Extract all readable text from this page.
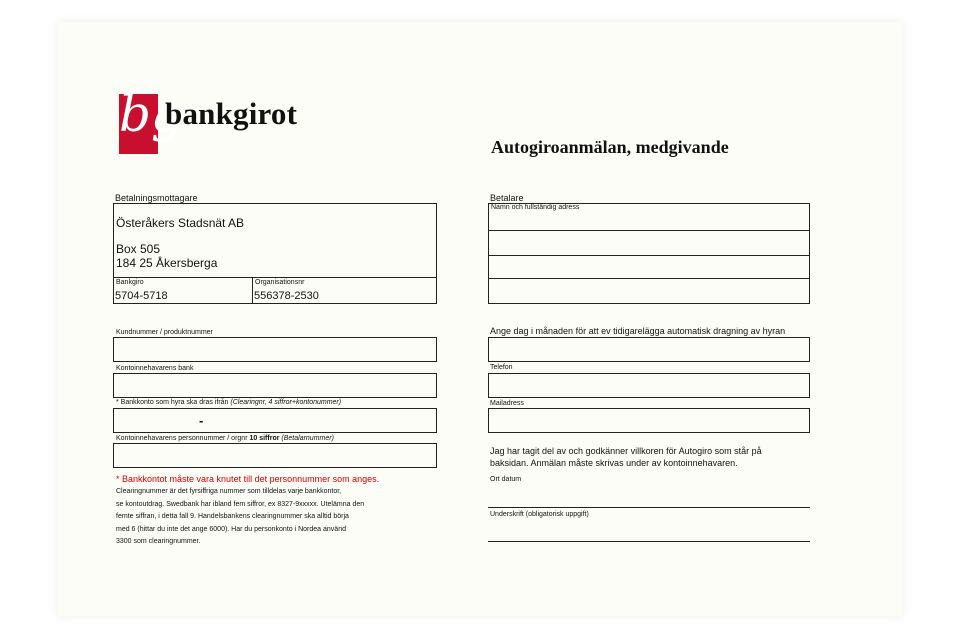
bg
bankgirot
Autogiroanmälan, medgivande
Betalningsmottagare
Österåkers Stadsnät AB
Box 505
184 25 Åkersberga
Bankgiro
5704-5718
Organisationsnr
556378-2530
Betalare
Namn och fullständig adress
Kundnummer / produktnummer
Kontoinnehavarens bank
* Bankkonto som hyra ska dras ifrån (Clearingnr, 4 siffror+kontonummer)
-
Kontoinnehavarens personnummer / orgnr 10 siffror (Betalarnummer)
* Bankkontot måste vara knutet till det personnummer som anges.
Clearingnummer är det fyrsiffriga nummer som tilldelas varje bankkontor,
se kontoutdrag. Swedbank har ibland fem siffror, ex 8327-9xxxxx. Utelämna den
femte siffran, i detta fall 9. Handelsbankens clearingnummer ska alltid börja
med 6 (hittar du inte det ange 6000). Har du personkonto i Nordea använd
3300 som clearingnummer.
Ange dag i månaden för att ev tidigarelägga automatisk dragning av hyran
Telefon
Mailadress
Jag har tagit del av och godkänner villkoren för Autogiro som står på baksidan. Anmälan måste skrivas under av kontoinnehavaren.
Ort datum
Underskrift (obligatorisk uppgift)
